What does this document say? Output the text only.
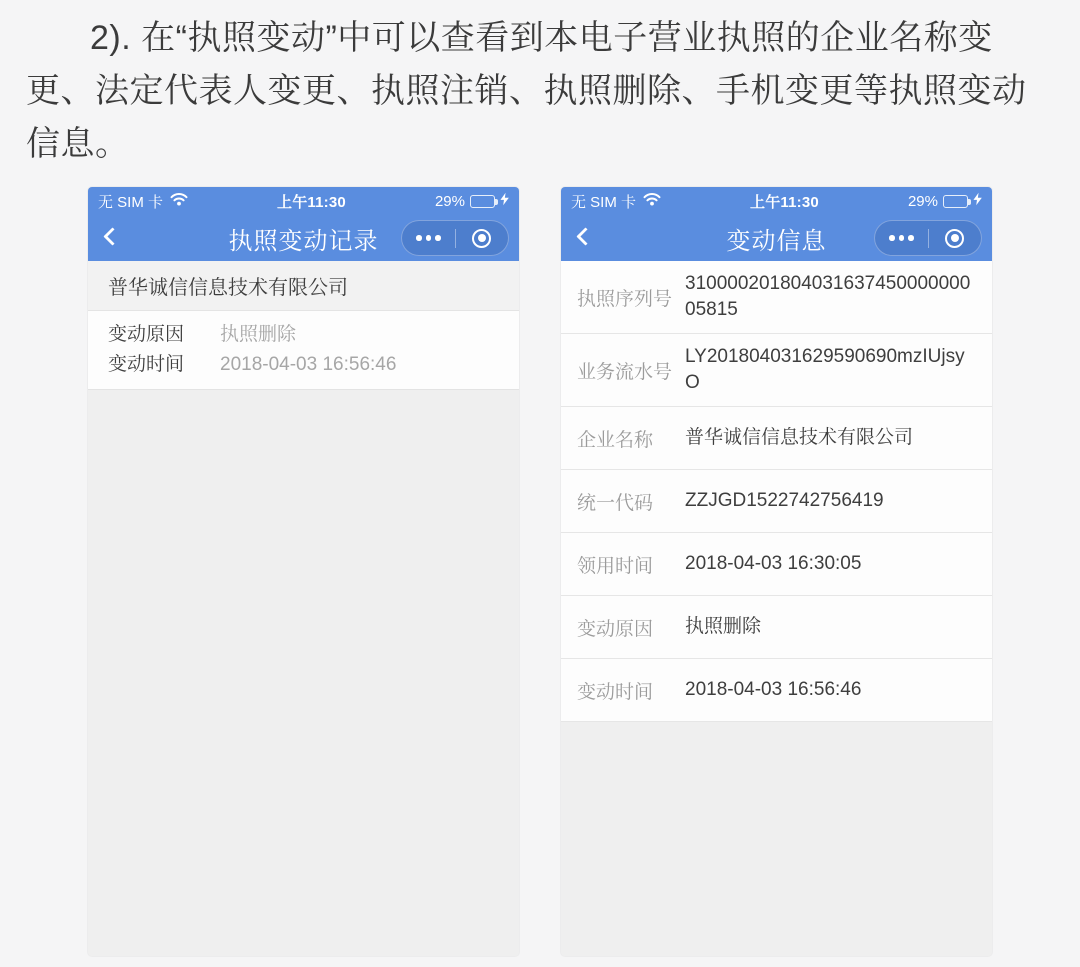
2). 在“执照变动”中可以查看到本电子营业执照的企业名称变更、法定代表人变更、执照注销、执照删除、手机变更等执照变动信息。
无 SIM 卡	上午11:30	29%
执照变动记录
普华诚信信息技术有限公司
变动原因	执照删除
变动时间	2018-04-03 16:56:46
无 SIM 卡	上午11:30	29%
变动信息
执照序列号
31000020180403163745000000005815
业务流水号
LY201804031629590690mzIUjsyO
企业名称	普华诚信信息技术有限公司
统一代码	ZZJGD1522742756419
领用时间	2018-04-03 16:30:05
变动原因	执照删除
变动时间	2018-04-03 16:56:46
